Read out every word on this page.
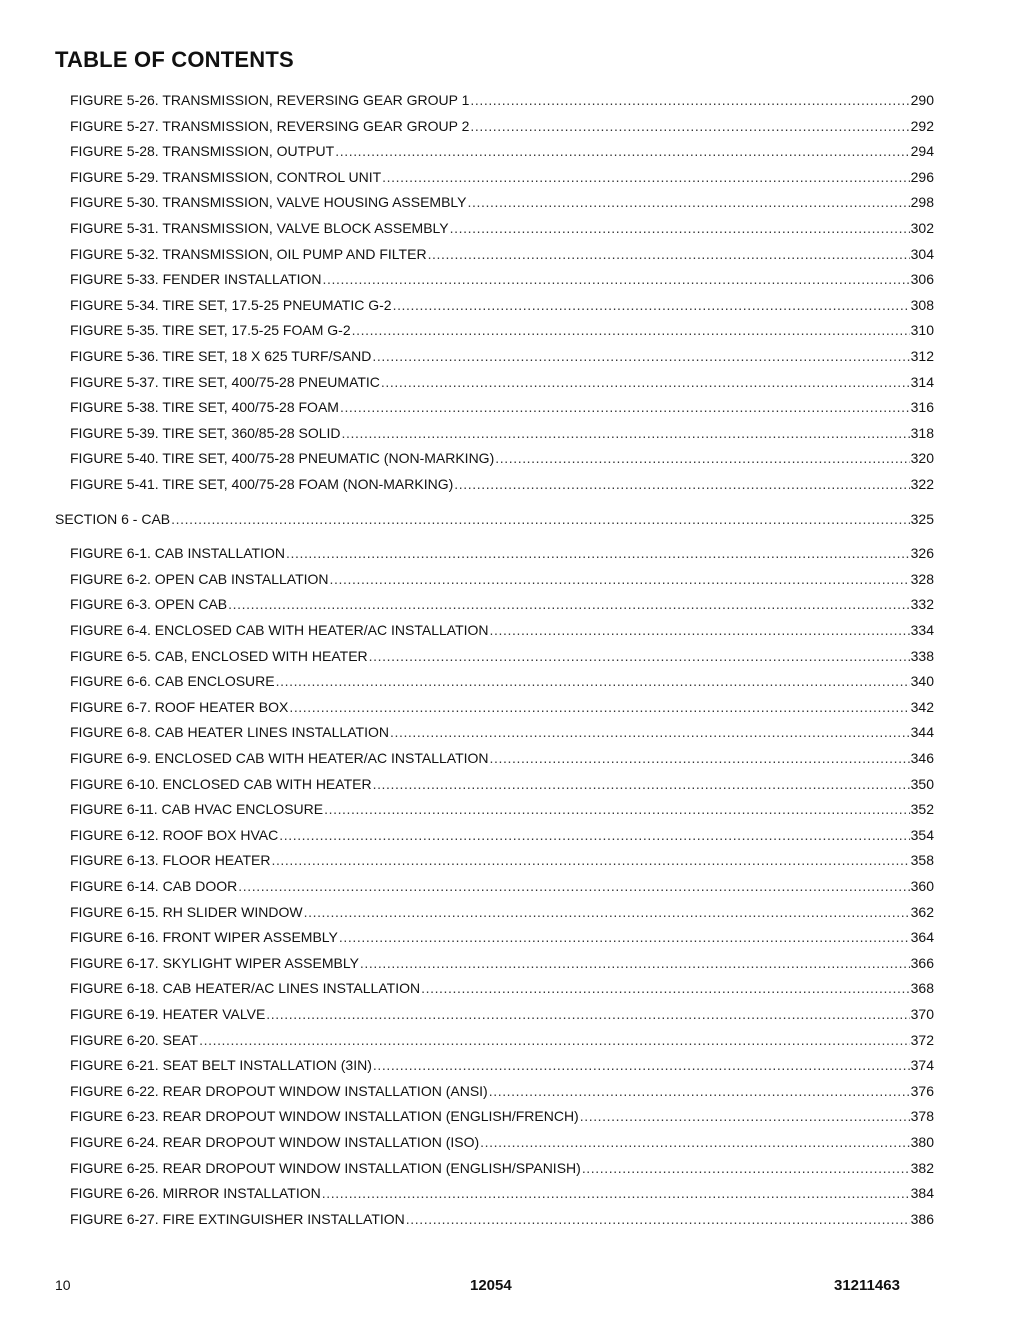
TABLE OF CONTENTS
FIGURE 5-26. TRANSMISSION, REVERSING GEAR GROUP 1 .....	290
FIGURE 5-27. TRANSMISSION, REVERSING GEAR GROUP 2 .....	292
FIGURE 5-28. TRANSMISSION, OUTPUT .....	294
FIGURE 5-29. TRANSMISSION, CONTROL UNIT .....	296
FIGURE 5-30. TRANSMISSION, VALVE HOUSING ASSEMBLY .....	298
FIGURE 5-31. TRANSMISSION, VALVE BLOCK ASSEMBLY .....	302
FIGURE 5-32. TRANSMISSION, OIL PUMP AND FILTER .....	304
FIGURE 5-33. FENDER INSTALLATION .....	306
FIGURE 5-34. TIRE SET, 17.5-25 PNEUMATIC G-2 .....	308
FIGURE 5-35. TIRE SET, 17.5-25 FOAM G-2 .....	310
FIGURE 5-36. TIRE SET, 18 X 625 TURF/SAND .....	312
FIGURE 5-37. TIRE SET, 400/75-28 PNEUMATIC .....	314
FIGURE 5-38. TIRE SET, 400/75-28 FOAM .....	316
FIGURE 5-39. TIRE SET, 360/85-28 SOLID .....	318
FIGURE 5-40. TIRE SET, 400/75-28 PNEUMATIC (NON-MARKING) .....	320
FIGURE 5-41. TIRE SET, 400/75-28 FOAM (NON-MARKING) .....	322
SECTION 6 - CAB .....	325
FIGURE 6-1. CAB INSTALLATION .....	326
FIGURE 6-2. OPEN CAB INSTALLATION .....	328
FIGURE 6-3. OPEN CAB .....	332
FIGURE 6-4. ENCLOSED CAB WITH HEATER/AC INSTALLATION .....	334
FIGURE 6-5. CAB, ENCLOSED WITH HEATER .....	338
FIGURE 6-6. CAB ENCLOSURE .....	340
FIGURE 6-7. ROOF HEATER BOX .....	342
FIGURE 6-8. CAB HEATER LINES INSTALLATION .....	344
FIGURE 6-9. ENCLOSED CAB WITH HEATER/AC INSTALLATION .....	346
FIGURE 6-10. ENCLOSED CAB WITH HEATER .....	350
FIGURE 6-11. CAB HVAC ENCLOSURE .....	352
FIGURE 6-12. ROOF BOX HVAC .....	354
FIGURE 6-13. FLOOR HEATER .....	358
FIGURE 6-14. CAB DOOR .....	360
FIGURE 6-15. RH SLIDER WINDOW .....	362
FIGURE 6-16. FRONT WIPER ASSEMBLY .....	364
FIGURE 6-17. SKYLIGHT WIPER ASSEMBLY .....	366
FIGURE 6-18. CAB HEATER/AC LINES INSTALLATION .....	368
FIGURE 6-19. HEATER VALVE .....	370
FIGURE 6-20. SEAT .....	372
FIGURE 6-21. SEAT BELT INSTALLATION (3IN) .....	374
FIGURE 6-22. REAR DROPOUT WINDOW INSTALLATION (ANSI) .....	376
FIGURE 6-23. REAR DROPOUT WINDOW INSTALLATION (ENGLISH/FRENCH) .....	378
FIGURE 6-24. REAR DROPOUT WINDOW INSTALLATION (ISO) .....	380
FIGURE 6-25. REAR DROPOUT WINDOW INSTALLATION (ENGLISH/SPANISH) .....	382
FIGURE 6-26. MIRROR INSTALLATION .....	384
FIGURE 6-27. FIRE EXTINGUISHER INSTALLATION .....	386
10	12054	31211463
